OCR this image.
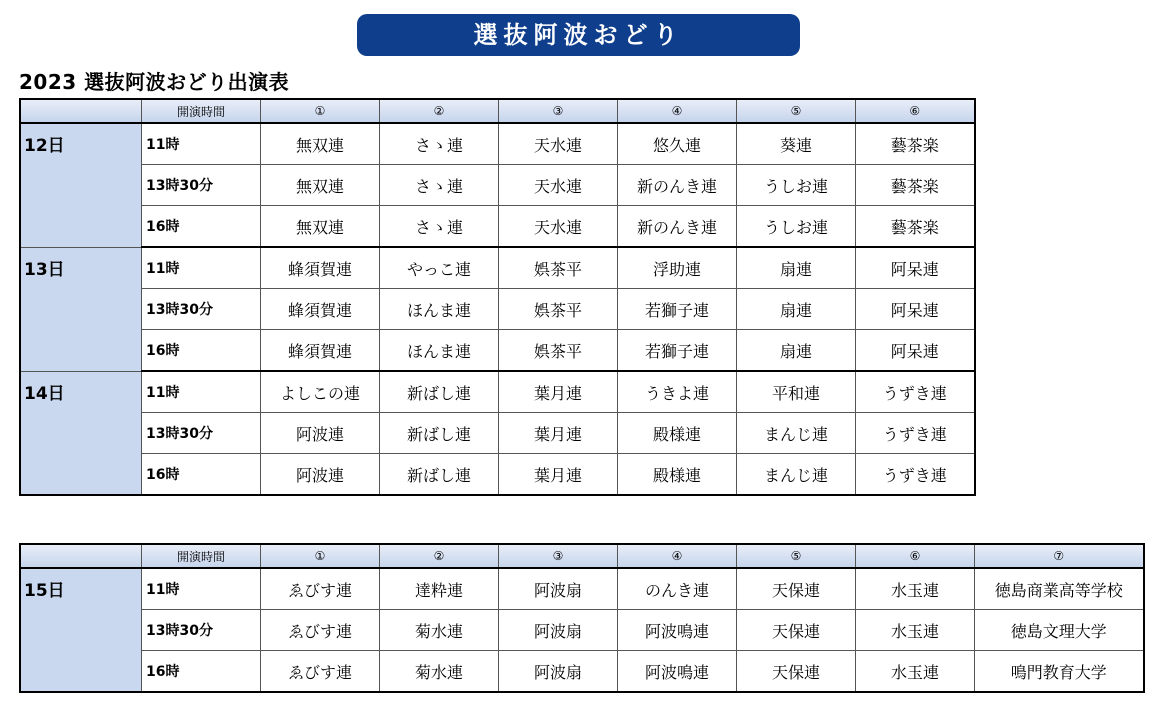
選抜阿波おどり
2023 選抜阿波おどり出演表
	開演時間	①	②	③	④	⑤	⑥
12日	11時	無双連	さゝ連	天水連	悠久連	葵連	藝茶楽
	13時30分	無双連	さゝ連	天水連	新のんき連	うしお連	藝茶楽
	16時	無双連	さゝ連	天水連	新のんき連	うしお連	藝茶楽
13日	11時	蜂須賀連	やっこ連	娯茶平	浮助連	扇連	阿呆連
	13時30分	蜂須賀連	ほんま連	娯茶平	若獅子連	扇連	阿呆連
	16時	蜂須賀連	ほんま連	娯茶平	若獅子連	扇連	阿呆連
14日	11時	よしこの連	新ばし連	葉月連	うきよ連	平和連	うずき連
	13時30分	阿波連	新ばし連	葉月連	殿様連	まんじ連	うずき連
	16時	阿波連	新ばし連	葉月連	殿様連	まんじ連	うずき連
	開演時間	①	②	③	④	⑤	⑥	⑦
15日	11時	ゑびす連	達粋連	阿波扇	のんき連	天保連	水玉連	徳島商業高等学校
	13時30分	ゑびす連	菊水連	阿波扇	阿波鳴連	天保連	水玉連	徳島文理大学
	16時	ゑびす連	菊水連	阿波扇	阿波鳴連	天保連	水玉連	鳴門教育大学
